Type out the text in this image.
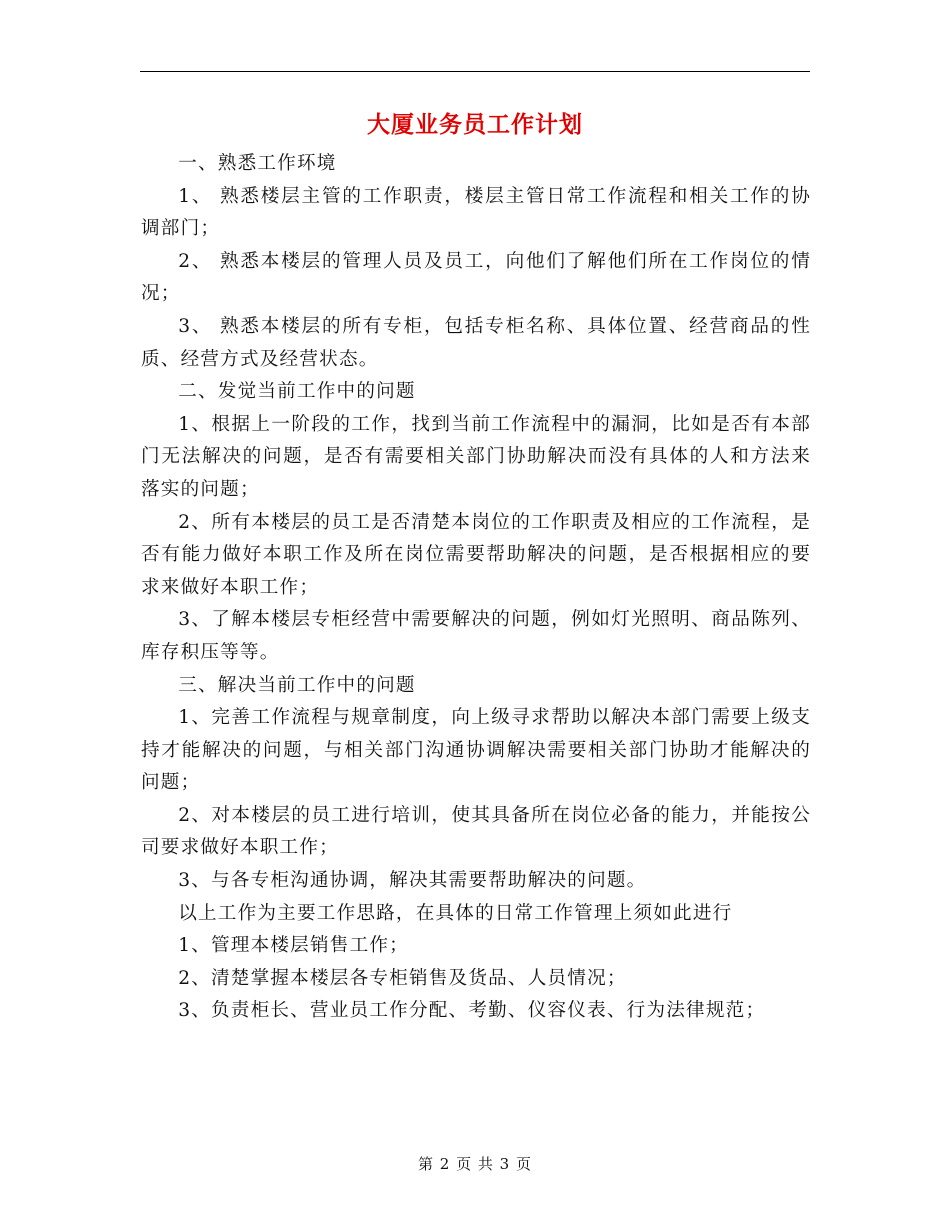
大厦业务员工作计划

一、熟悉工作环境

1、 熟悉楼层主管的工作职责，楼层主管日常工作流程和相关工作的协调部门；

2、 熟悉本楼层的管理人员及员工，向他们了解他们所在工作岗位的情况；

3、 熟悉本楼层的所有专柜，包括专柜名称、具体位置、经营商品的性质、经营方式及经营状态。

二、发觉当前工作中的问题

1、根据上一阶段的工作，找到当前工作流程中的漏洞，比如是否有本部门无法解决的问题，是否有需要相关部门协助解决而没有具体的人和方法来落实的问题；

2、所有本楼层的员工是否清楚本岗位的工作职责及相应的工作流程，是否有能力做好本职工作及所在岗位需要帮助解决的问题，是否根据相应的要求来做好本职工作；

3、了解本楼层专柜经营中需要解决的问题，例如灯光照明、商品陈列、库存积压等等。

三、解决当前工作中的问题

1、完善工作流程与规章制度，向上级寻求帮助以解决本部门需要上级支持才能解决的问题，与相关部门沟通协调解决需要相关部门协助才能解决的问题；

2、对本楼层的员工进行培训，使其具备所在岗位必备的能力，并能按公司要求做好本职工作；

3、与各专柜沟通协调，解决其需要帮助解决的问题。

以上工作为主要工作思路，在具体的日常工作管理上须如此进行

1、管理本楼层销售工作；

2、清楚掌握本楼层各专柜销售及货品、人员情况；

3、负责柜长、营业员工作分配、考勤、仪容仪表、行为法律规范；

第 2 页 共 3 页
